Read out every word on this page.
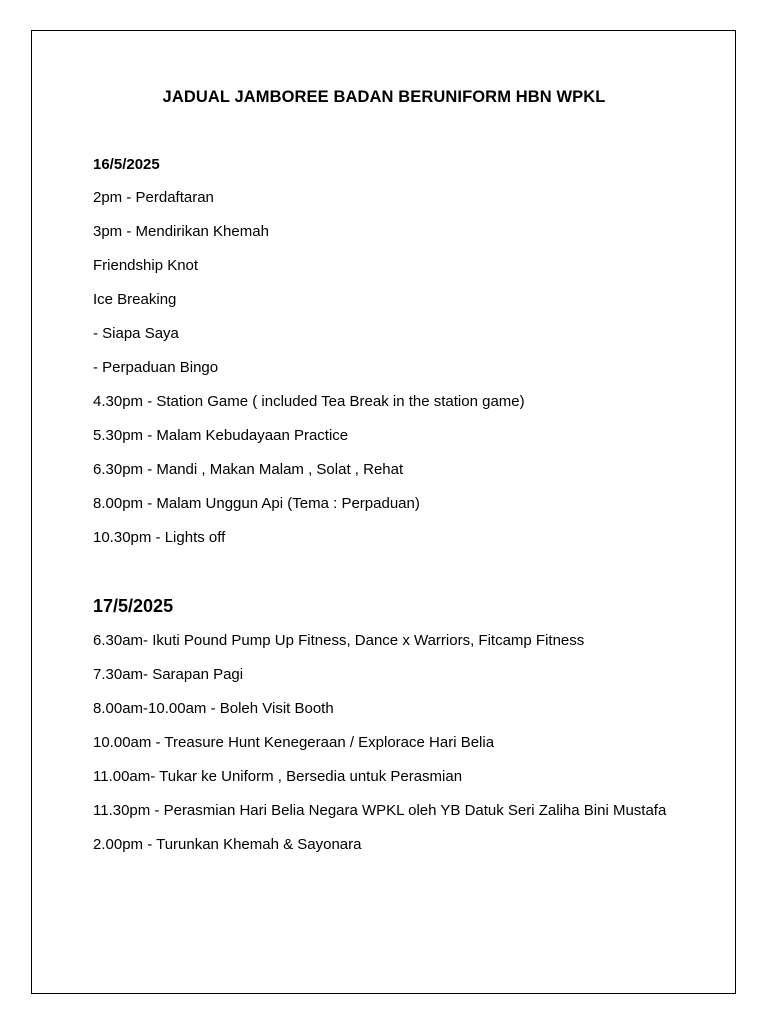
JADUAL JAMBOREE BADAN BERUNIFORM HBN WPKL

16/5/2025

2pm - Perdaftaran
3pm - Mendirikan Khemah
Friendship Knot
Ice Breaking
- Siapa Saya
- Perpaduan Bingo
4.30pm - Station Game ( included Tea Break in the station game)
5.30pm - Malam Kebudayaan Practice
6.30pm - Mandi , Makan Malam , Solat , Rehat
8.00pm - Malam Unggun Api (Tema : Perpaduan)
10.30pm - Lights off

17/5/2025

6.30am- Ikuti Pound Pump Up Fitness, Dance x Warriors, Fitcamp Fitness
7.30am- Sarapan Pagi
8.00am-10.00am - Boleh Visit Booth
10.00am - Treasure Hunt Kenegeraan / Explorace Hari Belia
11.00am- Tukar ke Uniform , Bersedia untuk Perasmian
11.30pm - Perasmian Hari Belia Negara WPKL oleh YB Datuk Seri Zaliha Bini Mustafa
2.00pm - Turunkan Khemah & Sayonara
